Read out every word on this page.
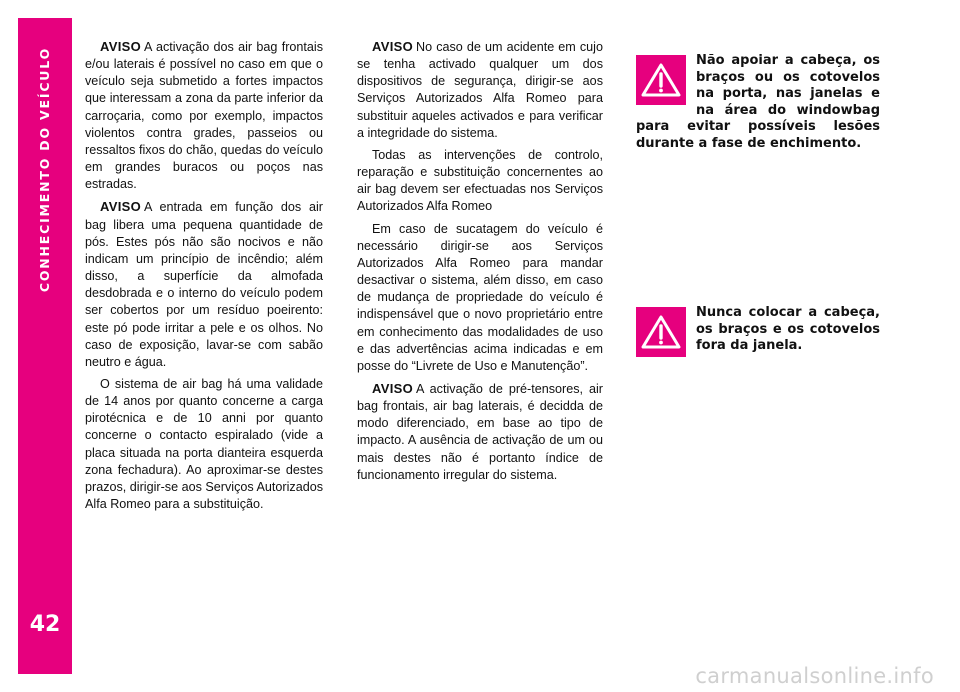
CONHECIMENTO DO VEÍCULO
42

AVISO A activação dos air bag frontais e/ou laterais é possível no caso em que o veículo seja submetido a fortes impactos que interessam a zona da parte inferior da carroçaria, como por exemplo, impactos violentos contra grades, passeios ou ressaltos fixos do chão, quedas do veículo em grandes buracos ou poços nas estradas.

AVISO A entrada em função dos air bag libera uma pequena quantidade de pós. Estes pós não são nocivos e não indicam um princípio de incêndio; além disso, a superfície da almofada desdobrada e o interno do veículo podem ser cobertos por um resíduo poeirento: este pó pode irritar a pele e os olhos. No caso de exposição, lavar-se com sabão neutro e água.

O sistema de air bag há uma validade de 14 anos por quanto concerne a carga pirotécnica e de 10 anni por quanto concerne o contacto espiralado (vide a placa situada na porta dianteira esquerda zona fechadura). Ao aproximar-se destes prazos, dirigir-se aos Serviços Autorizados Alfa Romeo para a substituição.

AVISO No caso de um acidente em cujo se tenha activado qualquer um dos dispositivos de segurança, dirigir-se aos Serviços Autorizados Alfa Romeo para substituir aqueles activados e para verificar a integridade do sistema.

Todas as intervenções de controlo, reparação e substituição concernentes ao air bag devem ser efectuadas nos Serviços Autorizados Alfa Romeo

Em caso de sucatagem do veículo é necessário dirigir-se aos Serviços Autorizados Alfa Romeo para mandar desactivar o sistema, além disso, em caso de mudança de propriedade do veículo é indispensável que o novo proprietário entre em conhecimento das modalidades de uso e das advertências acima indicadas e em posse do “Livrete de Uso e Manutenção”.

AVISO A activação de pré-tensores, air bag frontais, air bag laterais, é decidda de modo diferenciado, em base ao tipo de impacto. A ausência de activação de um ou mais destes não é portanto índice de funcionamento irregular do sistema.

Não apoiar a cabeça, os braços ou os cotovelos na porta, nas janelas e na área do windowbag para evitar possíveis lesões durante a fase de enchimento.
Nunca colocar a cabeça, os braços e os cotovelos fora da janela.
carmanualsonline.info
